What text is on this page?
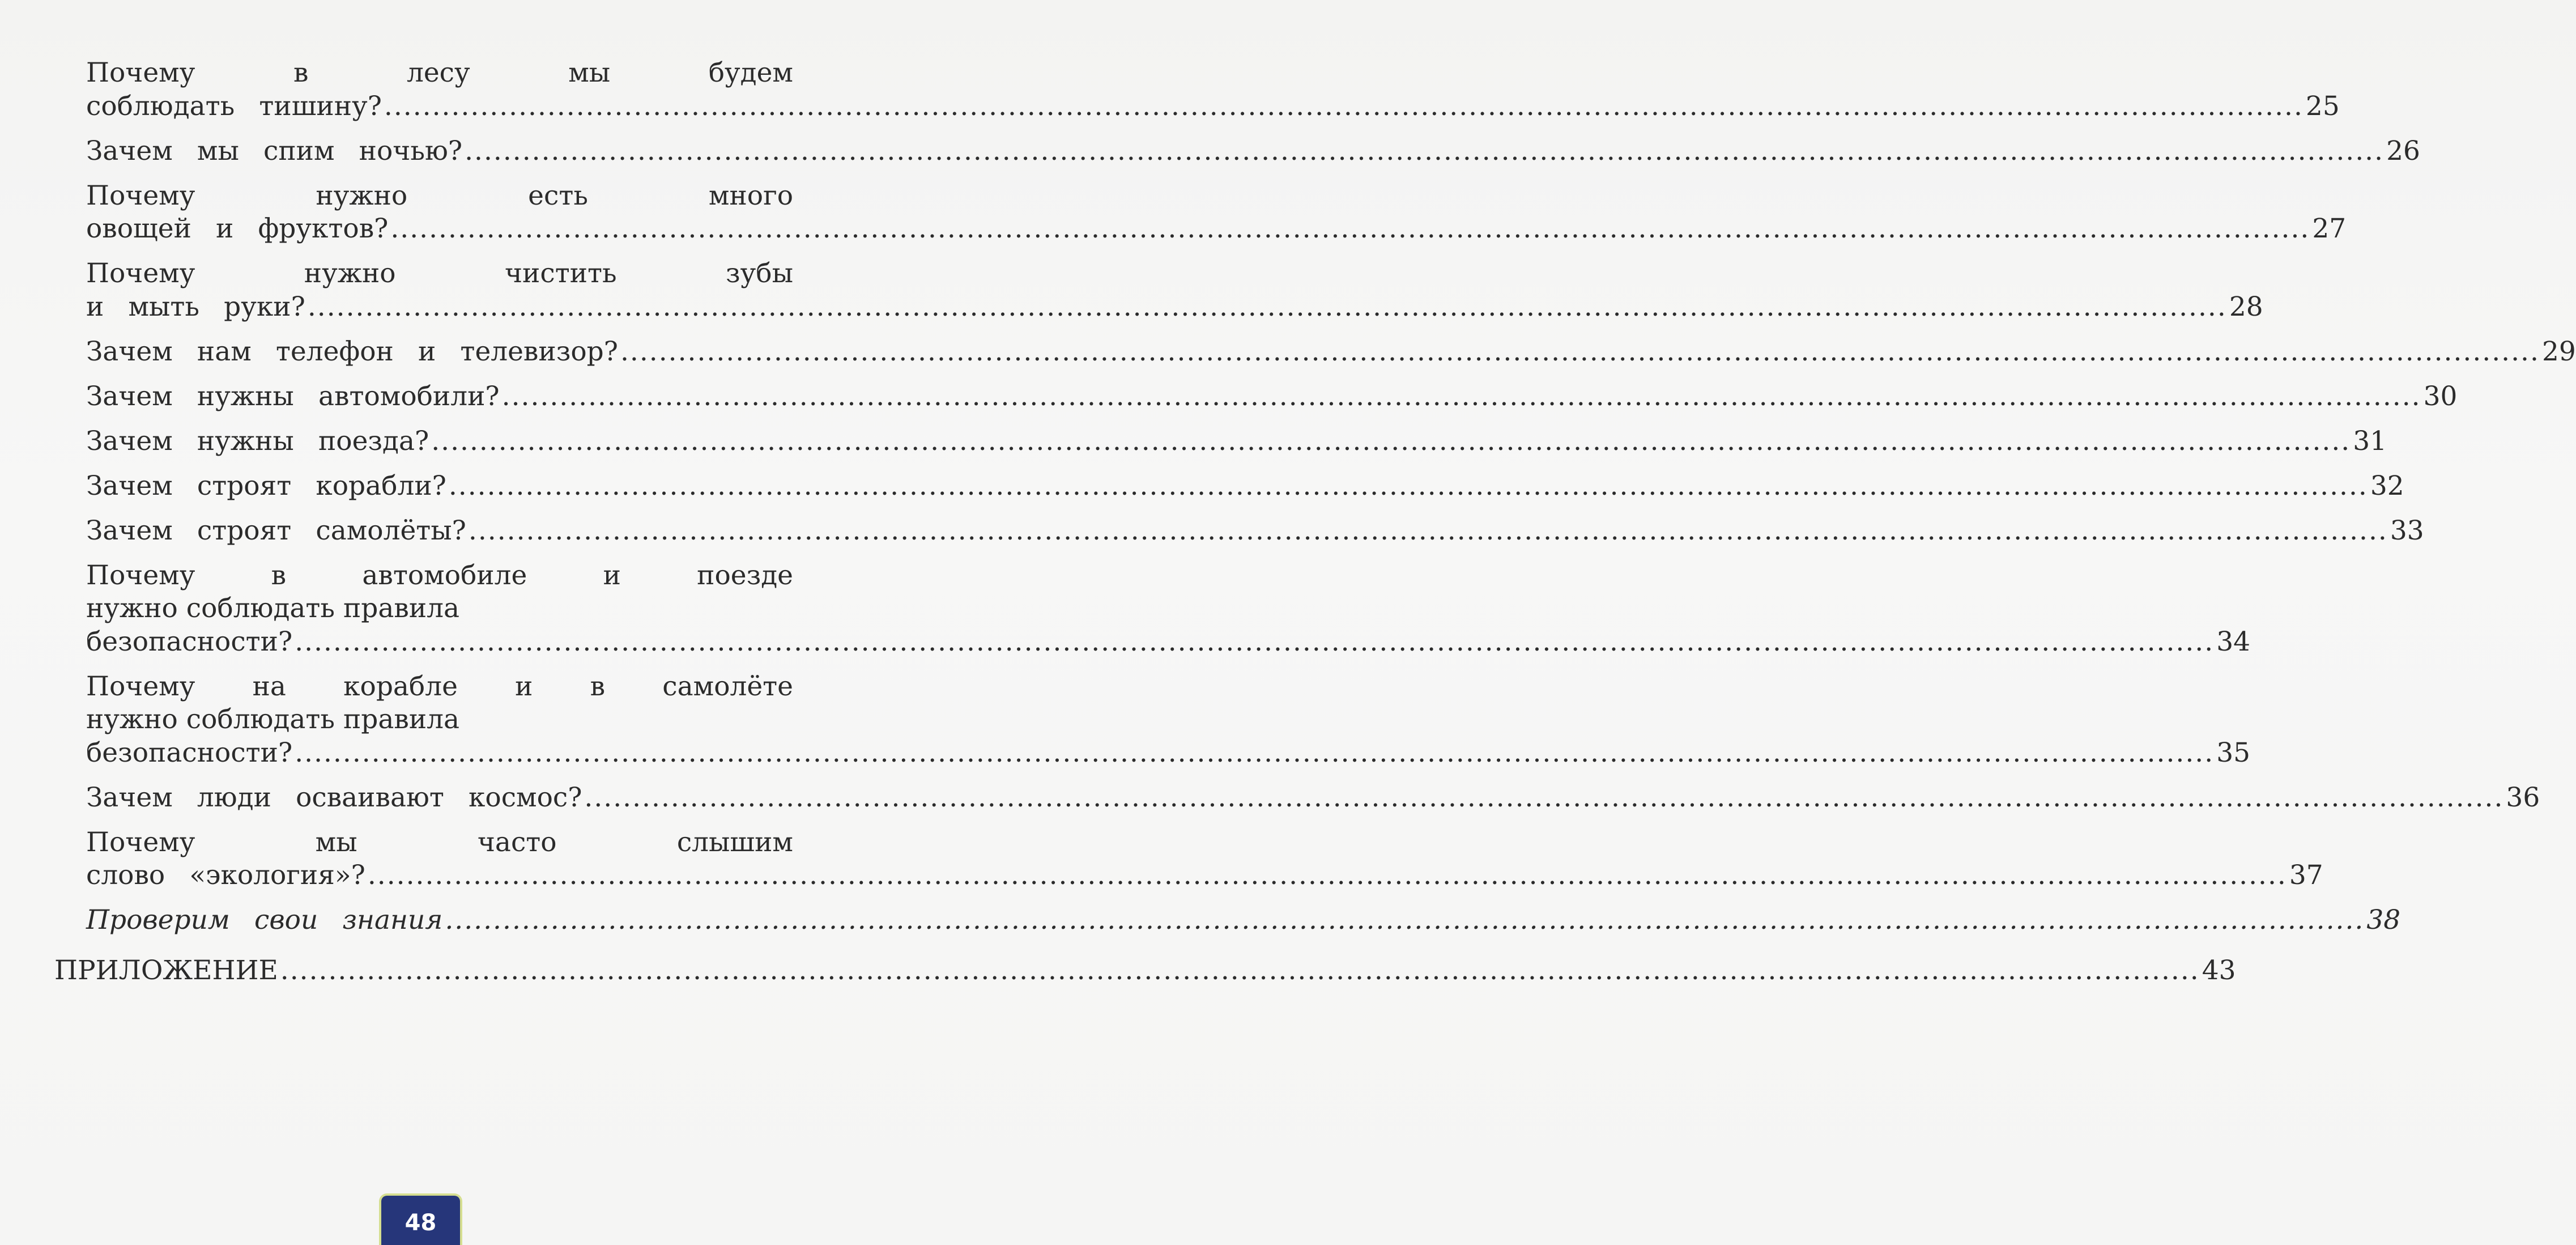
Почему в лесу мы будем
соблюдать тишину? ........................................................................................................................................................................................................ 25
Зачем мы спим ночью? ........................................................................................................................................................................................................ 26
Почему нужно есть много
овощей и фруктов? ........................................................................................................................................................................................................ 27
Почему нужно чистить зубы
и мыть руки? ........................................................................................................................................................................................................ 28
Зачем нам телефон и телевизор? ........................................................................................................................................................................................................ 29
Зачем нужны автомобили? ........................................................................................................................................................................................................ 30
Зачем нужны поезда? ........................................................................................................................................................................................................ 31
Зачем строят корабли? ........................................................................................................................................................................................................ 32
Зачем строят самолёты? ........................................................................................................................................................................................................ 33
Почему в автомобиле и поезде
нужно соблюдать правила
безопасности? ........................................................................................................................................................................................................ 34
Почему на корабле и в самолёте
нужно соблюдать правила
безопасности? ........................................................................................................................................................................................................ 35
Зачем люди осваивают космос? ........................................................................................................................................................................................................ 36
Почему мы часто слышим
слово «экология»? ........................................................................................................................................................................................................ 37
Проверим свои знания ........................................................................................................................................................................................................ 38
ПРИЛОЖЕНИЕ ........................................................................................................................................................................................................ 43
48
